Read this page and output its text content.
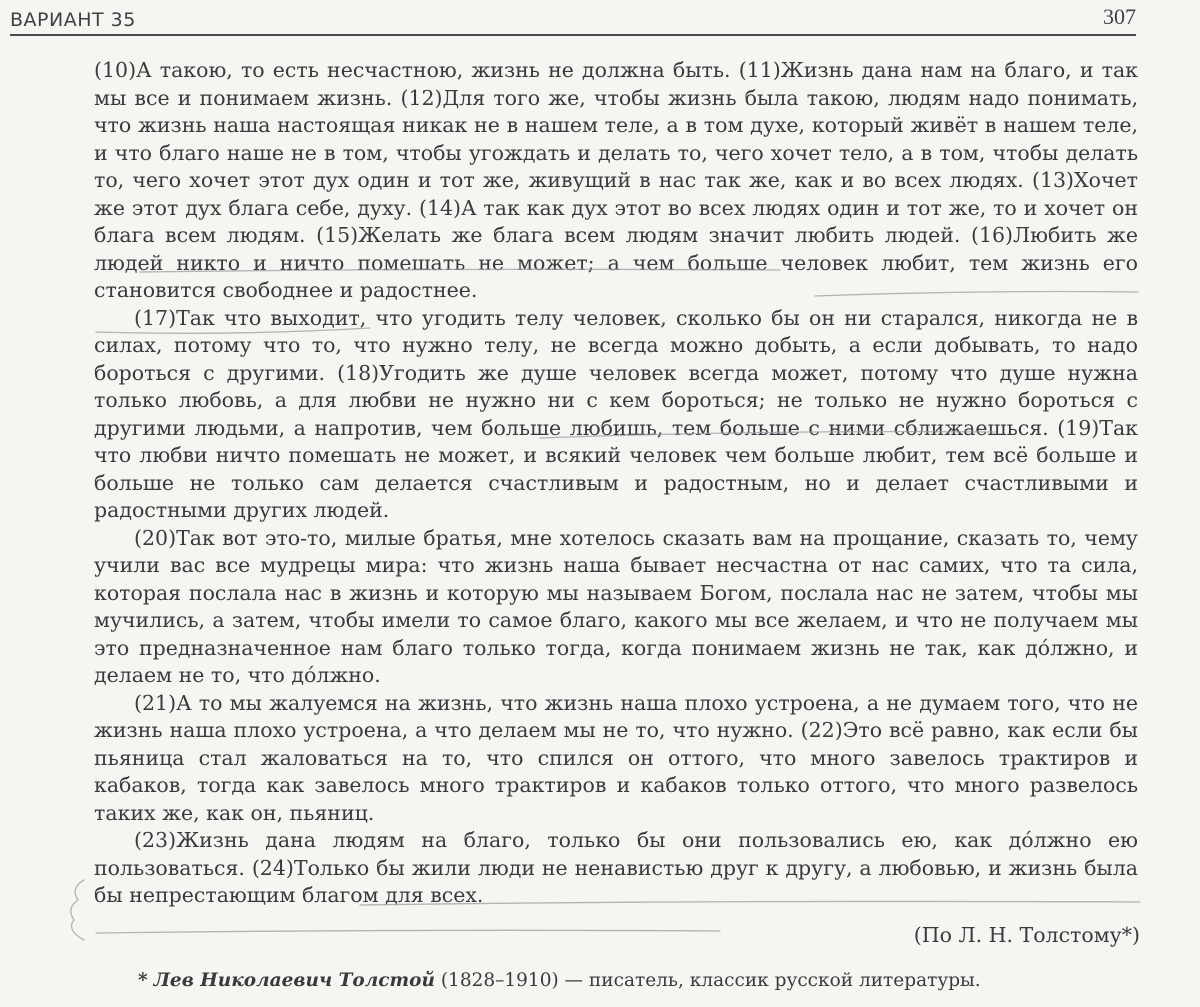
ВАРИАНТ 35	307

(10)А такою, то есть несчастною, жизнь не должна быть. (11)Жизнь дана нам на благо, и так мы все и понимаем жизнь. (12)Для того же, чтобы жизнь была такою, людям надо понимать, что жизнь наша настоящая никак не в нашем теле, а в том духе, который живёт в нашем теле, и что благо наше не в том, чтобы угождать и делать то, чего хочет тело, а в том, чтобы делать то, чего хочет этот дух один и тот же, живущий в нас так же, как и во всех людях. (13)Хочет же этот дух блага себе, духу. (14)А так как дух этот во всех людях один и тот же, то и хочет он блага всем людям. (15)Желать же блага всем людям значит любить людей. (16)Любить же людей никто и ничто помешать не может; а чем больше человек любит, тем жизнь его становится свободнее и радостнее.

(17)Так что выходит, что угодить телу человек, сколько бы он ни старался, никогда не в силах, потому что то, что нужно телу, не всегда можно добыть, а если добывать, то надо бороться с другими. (18)Угодить же душе человек всегда может, потому что душе нужна только любовь, а для любви не нужно ни с кем бороться; не только не нужно бороться с другими людьми, а напротив, чем больше любишь, тем больше с ними сближаешься. (19)Так что любви ничто помешать не может, и всякий человек чем больше любит, тем всё больше и больше не только сам делается счастливым и радостным, но и делает счастливыми и радостными других людей.

(20)Так вот это-то, милые братья, мне хотелось сказать вам на прощание, сказать то, чему учили вас все мудрецы мира: что жизнь наша бывает несчастна от нас самих, что та сила, которая послала нас в жизнь и которую мы называем Богом, послала нас не затем, чтобы мы мучились, а затем, чтобы имели то самое благо, какого мы все желаем, и что не получаем мы это предназначенное нам благо только тогда, когда понимаем жизнь не так, как до́лжно, и делаем не то, что до́лжно.

(21)А то мы жалуемся на жизнь, что жизнь наша плохо устроена, а не думаем того, что не жизнь наша плохо устроена, а что делаем мы не то, что нужно. (22)Это всё равно, как если бы пьяница стал жаловаться на то, что спился он оттого, что много завелось трактиров и кабаков, тогда как завелось много трактиров и кабаков только оттого, что много развелось таких же, как он, пьяниц.

(23)Жизнь дана людям на благо, только бы они пользовались ею, как до́лжно ею пользоваться. (24)Только бы жили люди не ненавистью друг к другу, а любовью, и жизнь была бы непрестающим благом для всех.

(По Л. Н. Толстому*)
* Лев Николаевич Толстой (1828–1910) — писатель, классик русской литературы.
